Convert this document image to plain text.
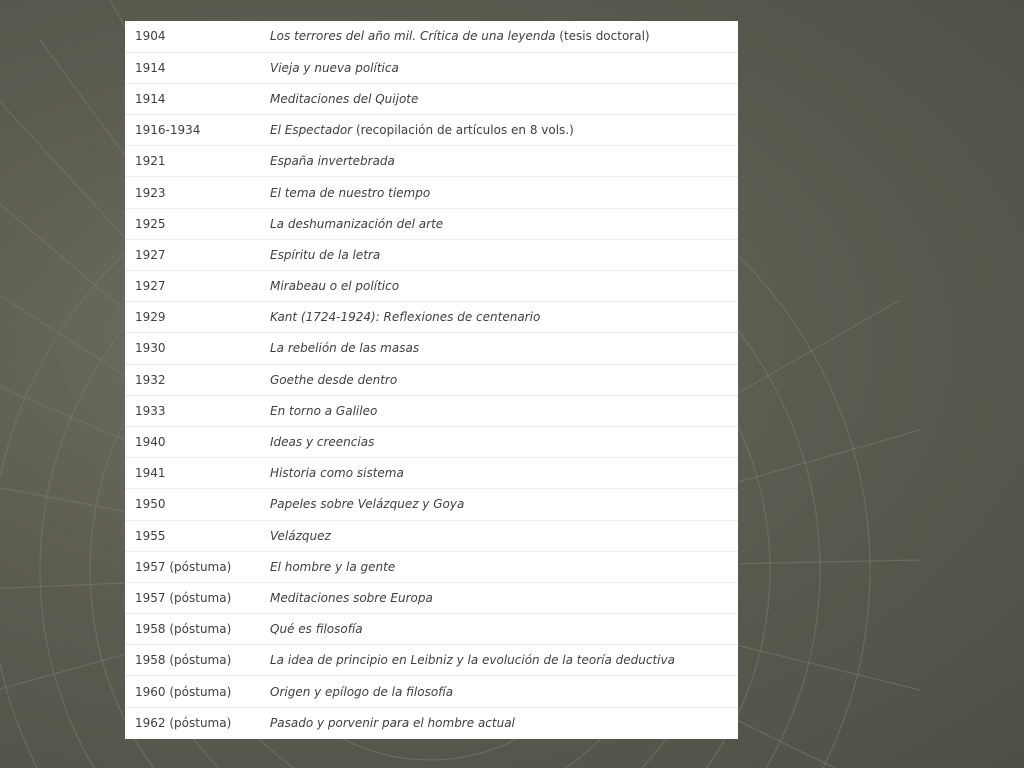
1904	Los terrores del año mil. Crítica de una leyenda (tesis doctoral)
1914	Vieja y nueva política
1914	Meditaciones del Quijote
1916-1934	El Espectador (recopilación de artículos en 8 vols.)
1921	España invertebrada
1923	El tema de nuestro tiempo
1925	La deshumanización del arte
1927	Espíritu de la letra
1927	Mirabeau o el político
1929	Kant (1724-1924): Reflexiones de centenario
1930	La rebelión de las masas
1932	Goethe desde dentro
1933	En torno a Galileo
1940	Ideas y creencias
1941	Historia como sistema
1950	Papeles sobre Velázquez y Goya
1955	Velázquez
1957 (póstuma)	El hombre y la gente
1957 (póstuma)	Meditaciones sobre Europa
1958 (póstuma)	Qué es filosofía
1958 (póstuma)	La idea de principio en Leibniz y la evolución de la teoría deductiva
1960 (póstuma)	Origen y epílogo de la filosofía
1962 (póstuma)	Pasado y porvenir para el hombre actual
